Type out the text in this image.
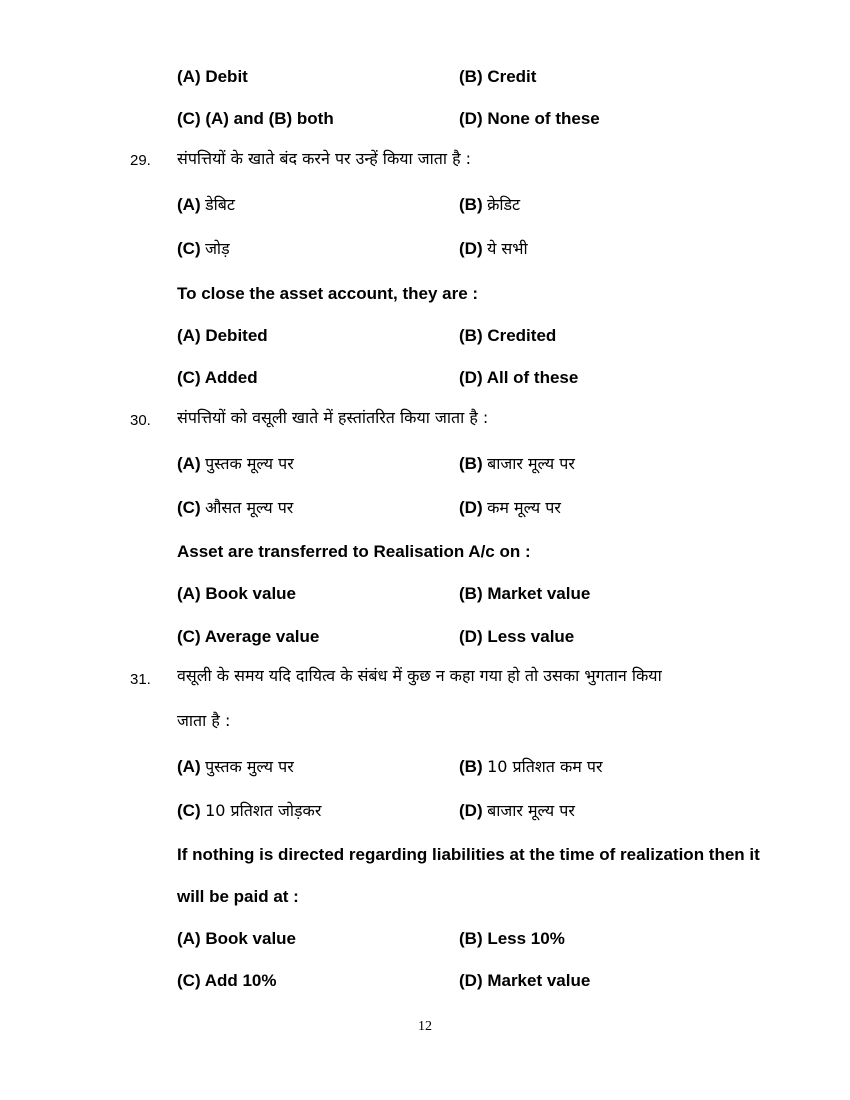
(A) Debit	(B) Credit
(C) (A) and (B) both	(D) None of these
29. संपत्तियों के खाते बंद करने पर उन्हें किया जाता है :
(A) डेबिट	(B) क्रेडिट
(C) जोड़	(D) ये सभी
To close the asset account, they are :
(A) Debited	(B) Credited
(C) Added	(D) All of these
30. संपत्तियों को वसूली खाते में हस्तांतरित किया जाता है :
(A) पुस्तक मूल्य पर	(B) बाजार मूल्य पर
(C) औसत मूल्य पर	(D) कम मूल्य पर
Asset are transferred to Realisation A/c on :
(A) Book value	(B) Market value
(C) Average value	(D) Less value
31. वसूली के समय यदि दायित्व के संबंध में कुछ न कहा गया हो तो उसका भुगतान किया
जाता है :
(A) पुस्तक मुल्य पर	(B) 10 प्रतिशत कम पर
(C) 10 प्रतिशत जोड़कर	(D) बाजार मूल्य पर
If nothing is directed regarding liabilities at the time of realization then it
will be paid at :
(A) Book value	(B) Less 10%
(C) Add 10%	(D) Market value
12
